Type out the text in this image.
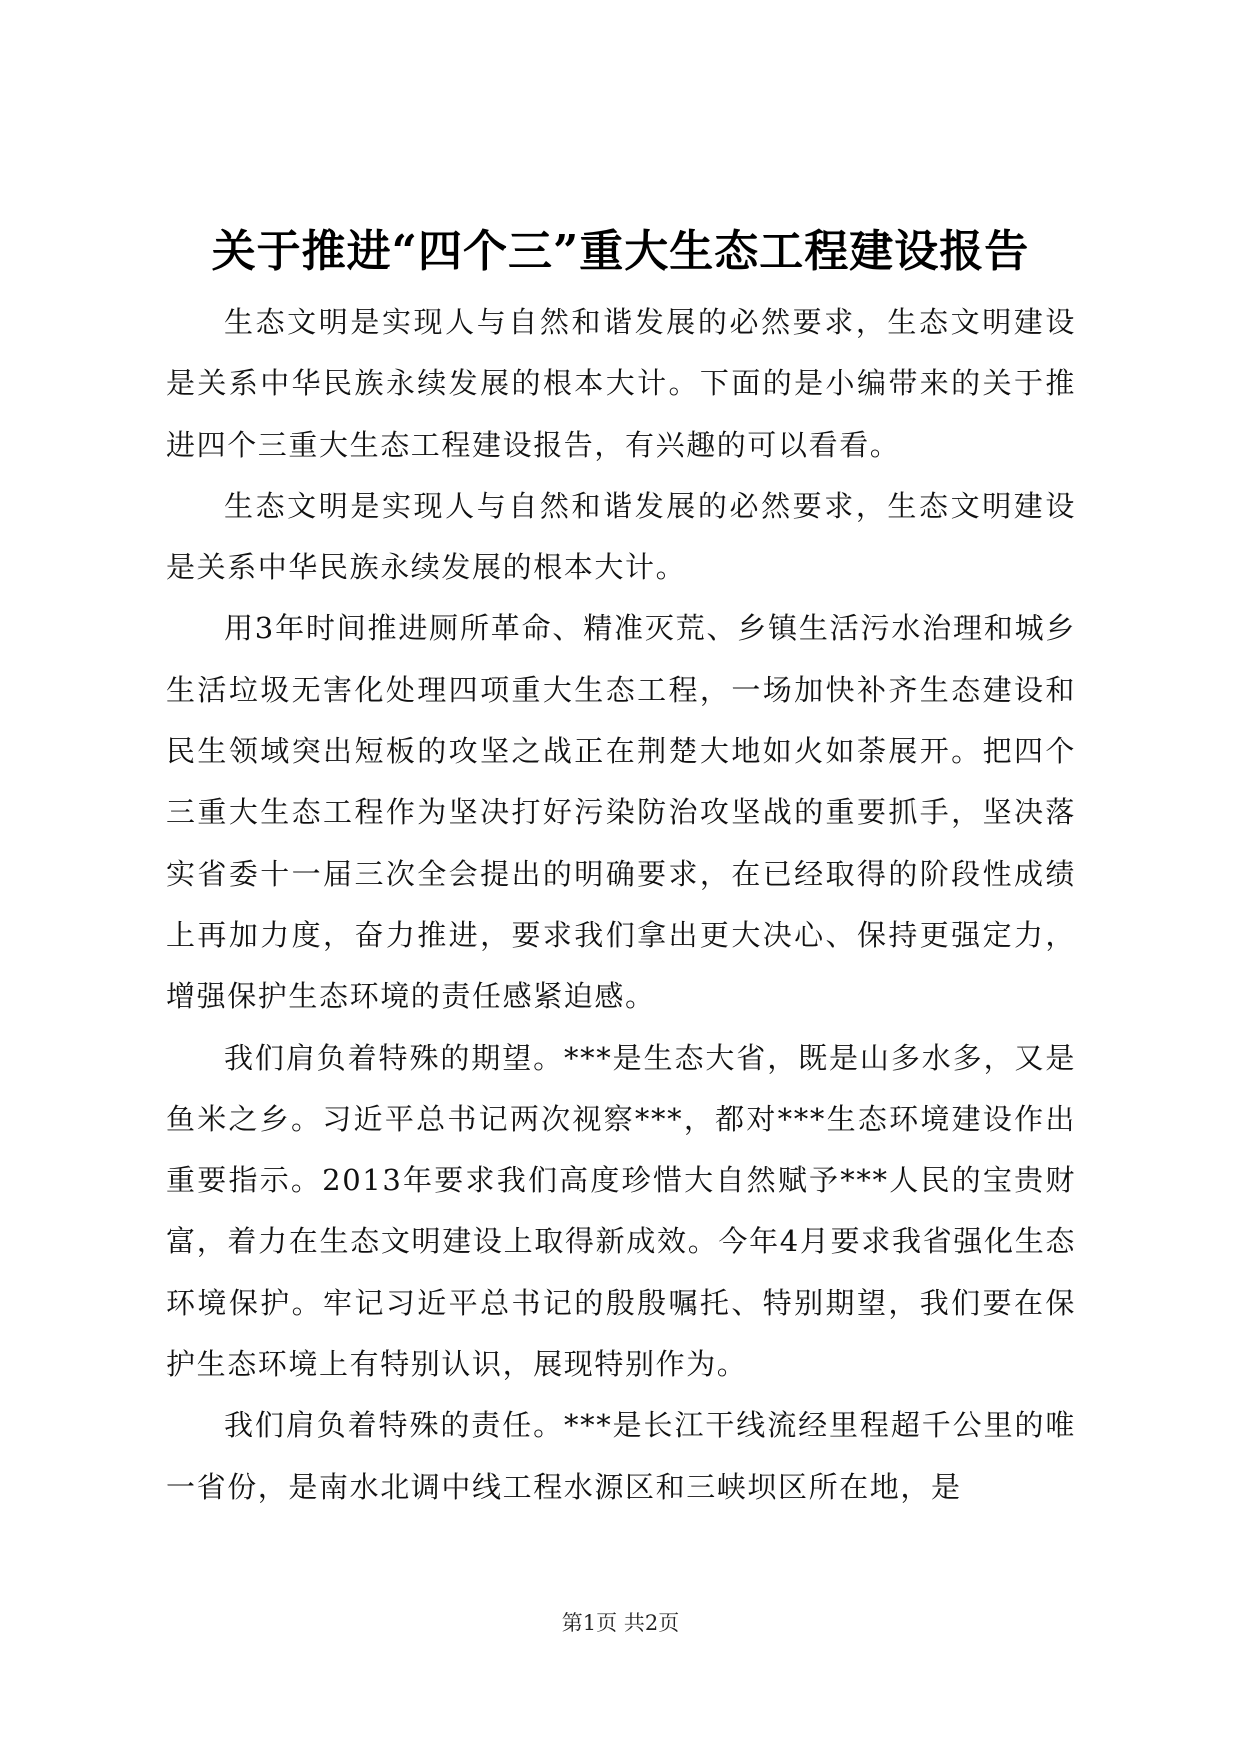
关于推进“四个三”重大生态工程建设报告

生态文明是实现人与自然和谐发展的必然要求，生态文明建设是关系中华民族永续发展的根本大计。下面的是小编带来的关于推进四个三重大生态工程建设报告，有兴趣的可以看看。

生态文明是实现人与自然和谐发展的必然要求，生态文明建设是关系中华民族永续发展的根本大计。

用3年时间推进厕所革命、精准灭荒、乡镇生活污水治理和城乡生活垃圾无害化处理四项重大生态工程，一场加快补齐生态建设和民生领域突出短板的攻坚之战正在荆楚大地如火如荼展开。把四个三重大生态工程作为坚决打好污染防治攻坚战的重要抓手，坚决落实省委十一届三次全会提出的明确要求，在已经取得的阶段性成绩上再加力度，奋力推进，要求我们拿出更大决心、保持更强定力，增强保护生态环境的责任感紧迫感。

我们肩负着特殊的期望。***是生态大省，既是山多水多，又是鱼米之乡。习近平总书记两次视察***，都对***生态环境建设作出重要指示。2013年要求我们高度珍惜大自然赋予***人民的宝贵财富，着力在生态文明建设上取得新成效。今年4月要求我省强化生态环境保护。牢记习近平总书记的殷殷嘱托、特别期望，我们要在保护生态环境上有特别认识，展现特别作为。

我们肩负着特殊的责任。***是长江干线流经里程超千公里的唯一省份，是南水北调中线工程水源区和三峡坝区所在地，是

第1页 共2页
